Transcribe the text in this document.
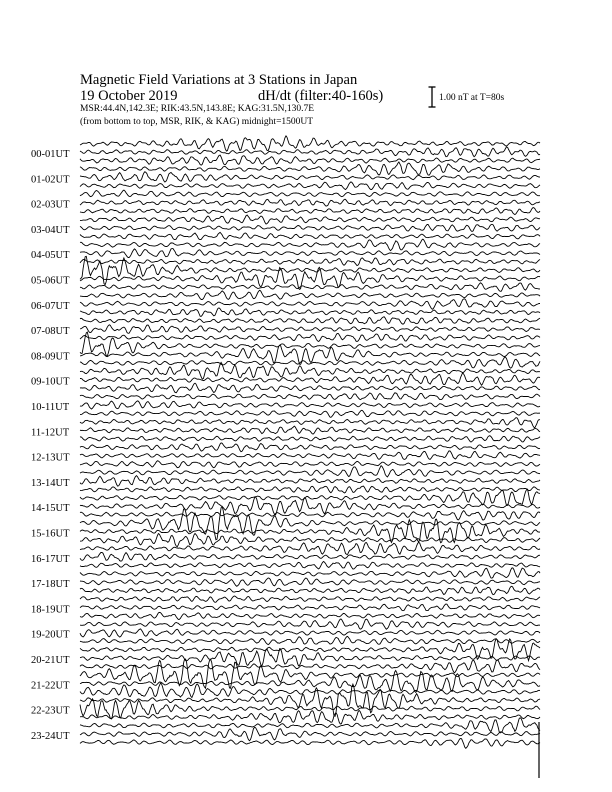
00-01UT
01-02UT
02-03UT
03-04UT
04-05UT
05-06UT
06-07UT
07-08UT
08-09UT
09-10UT
10-11UT
11-12UT
12-13UT
13-14UT
14-15UT
15-16UT
16-17UT
17-18UT
18-19UT
19-20UT
20-21UT
21-22UT
22-23UT
23-24UT
Magnetic Field Variations at 3 Stations in Japan
19 October 2019	dH/dt (filter:40-160s)
MSR:44.4N,142.3E; RIK:43.5N,143.8E; KAG:31.5N,130.7E
(from bottom to top, MSR, RIK, & KAG) midnight=1500UT
1.00 nT at T=80s
